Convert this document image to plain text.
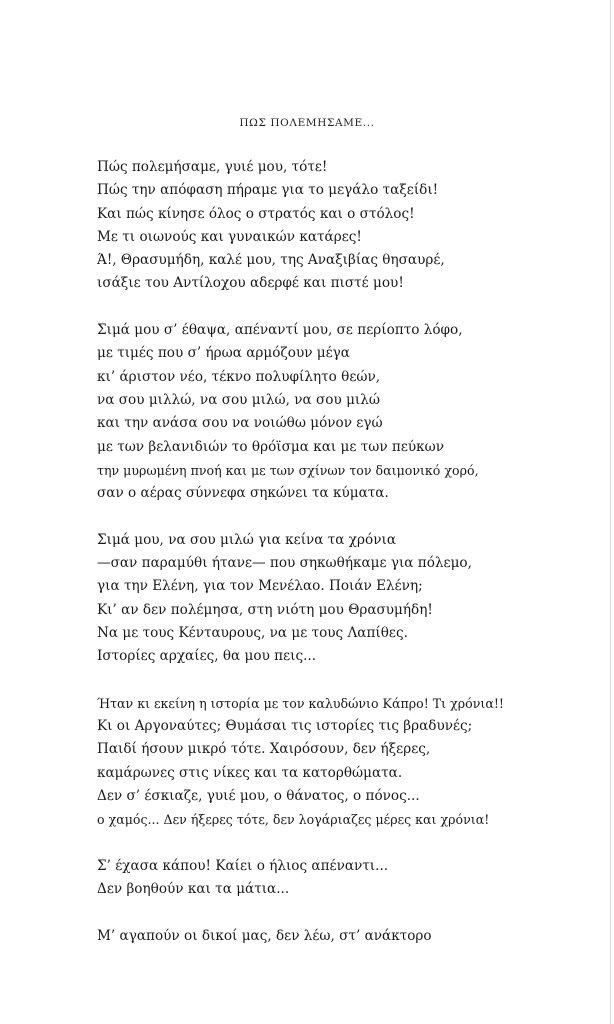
ΠΩΣ ΠΟΛΕΜΗΣΑΜΕ...
Πώς πολεμήσαμε, γυιέ μου, τότε!
Πώς την απόφαση πήραμε για το μεγάλο ταξείδι!
Και πώς κίνησε όλος ο στρατός και ο στόλος!
Με τι οιωνούς και γυναικών κατάρες!
Ά!, Θρασυμήδη, καλέ μου, της Αναξιβίας θησαυρέ,
ισάξιε του Αντίλοχου αδερφέ και πιστέ μου!
Σιμά μου σ’ έθαψα, απέναντί μου, σε περίοπτο λόφο,
με τιμές που σ’ ήρωα αρμόζουν μέγα
κι’ άριστον νέο, τέκνο πολυφίλητο θεών,
να σου μιλλώ, να σου μιλώ, να σου μιλώ
και την ανάσα σου να νοιώθω μόνον εγώ
με των βελανιδιών το θρόϊσμα και με των πεύκων
την μυρωμένη πνοή και με των σχίνων τον δαιμονικό χορό,
σαν ο αέρας σύννεφα σηκώνει τα κύματα.
Σιμά μου, να σου μιλώ για κείνα τα χρόνια
—σαν παραμύθι ήτανε— που σηκωθήκαμε για πόλεμο,
για την Ελένη, για τον Μενέλαο. Ποιάν Ελένη;
Κι’ αν δεν πολέμησα, στη νιότη μου Θρασυμήδη!
Να με τους Κένταυρους, να με τους Λαπίθες.
Ιστορίες αρχαίες, θα μου πεις...
Ήταν κι εκείνη η ιστορία με τον καλυδώνιο Κάπρο! Τι χρόνια!!
Κι οι Αργοναύτες; Θυμάσαι τις ιστορίες τις βραδυνές;
Παιδί ήσουν μικρό τότε. Χαιρόσουν, δεν ήξερες,
καμάρωνες στις νίκες και τα κατορθώματα.
Δεν σ’ έσκιαζε, γυιέ μου, ο θάνατος, ο πόνος...
ο χαμός... Δεν ήξερες τότε, δεν λογάριαζες μέρες και χρόνια!
Σ’ έχασα κάπου! Καίει ο ήλιος απέναντι...
Δεν βοηθούν και τα μάτια...
Μ’ αγαπούν οι δικοί μας, δεν λέω, στ’ ανάκτορο
